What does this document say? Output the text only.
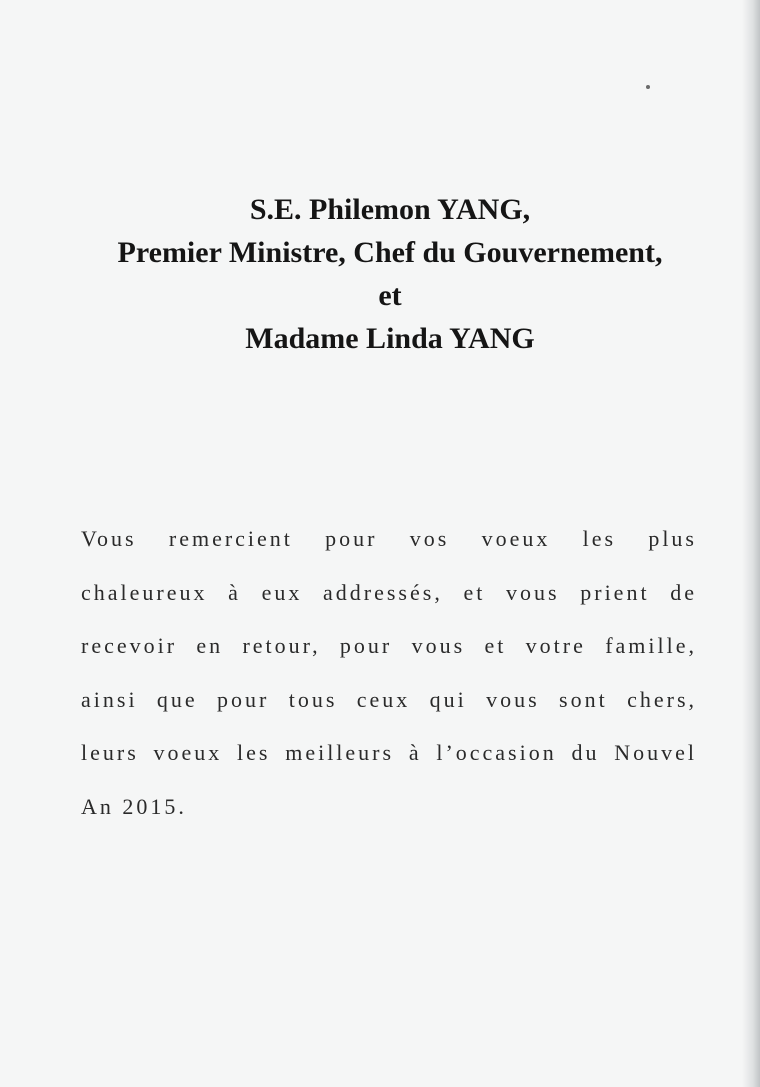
S.E. Philemon YANG,
Premier Ministre, Chef du Gouvernement,
et
Madame Linda YANG
Vous remercient pour vos voeux les plus
chaleureux à eux addressés, et vous prient de
recevoir en retour, pour vous et votre famille,
ainsi que pour tous ceux qui vous sont chers,
leurs voeux les meilleurs à l’occasion du Nouvel
An 2015.
